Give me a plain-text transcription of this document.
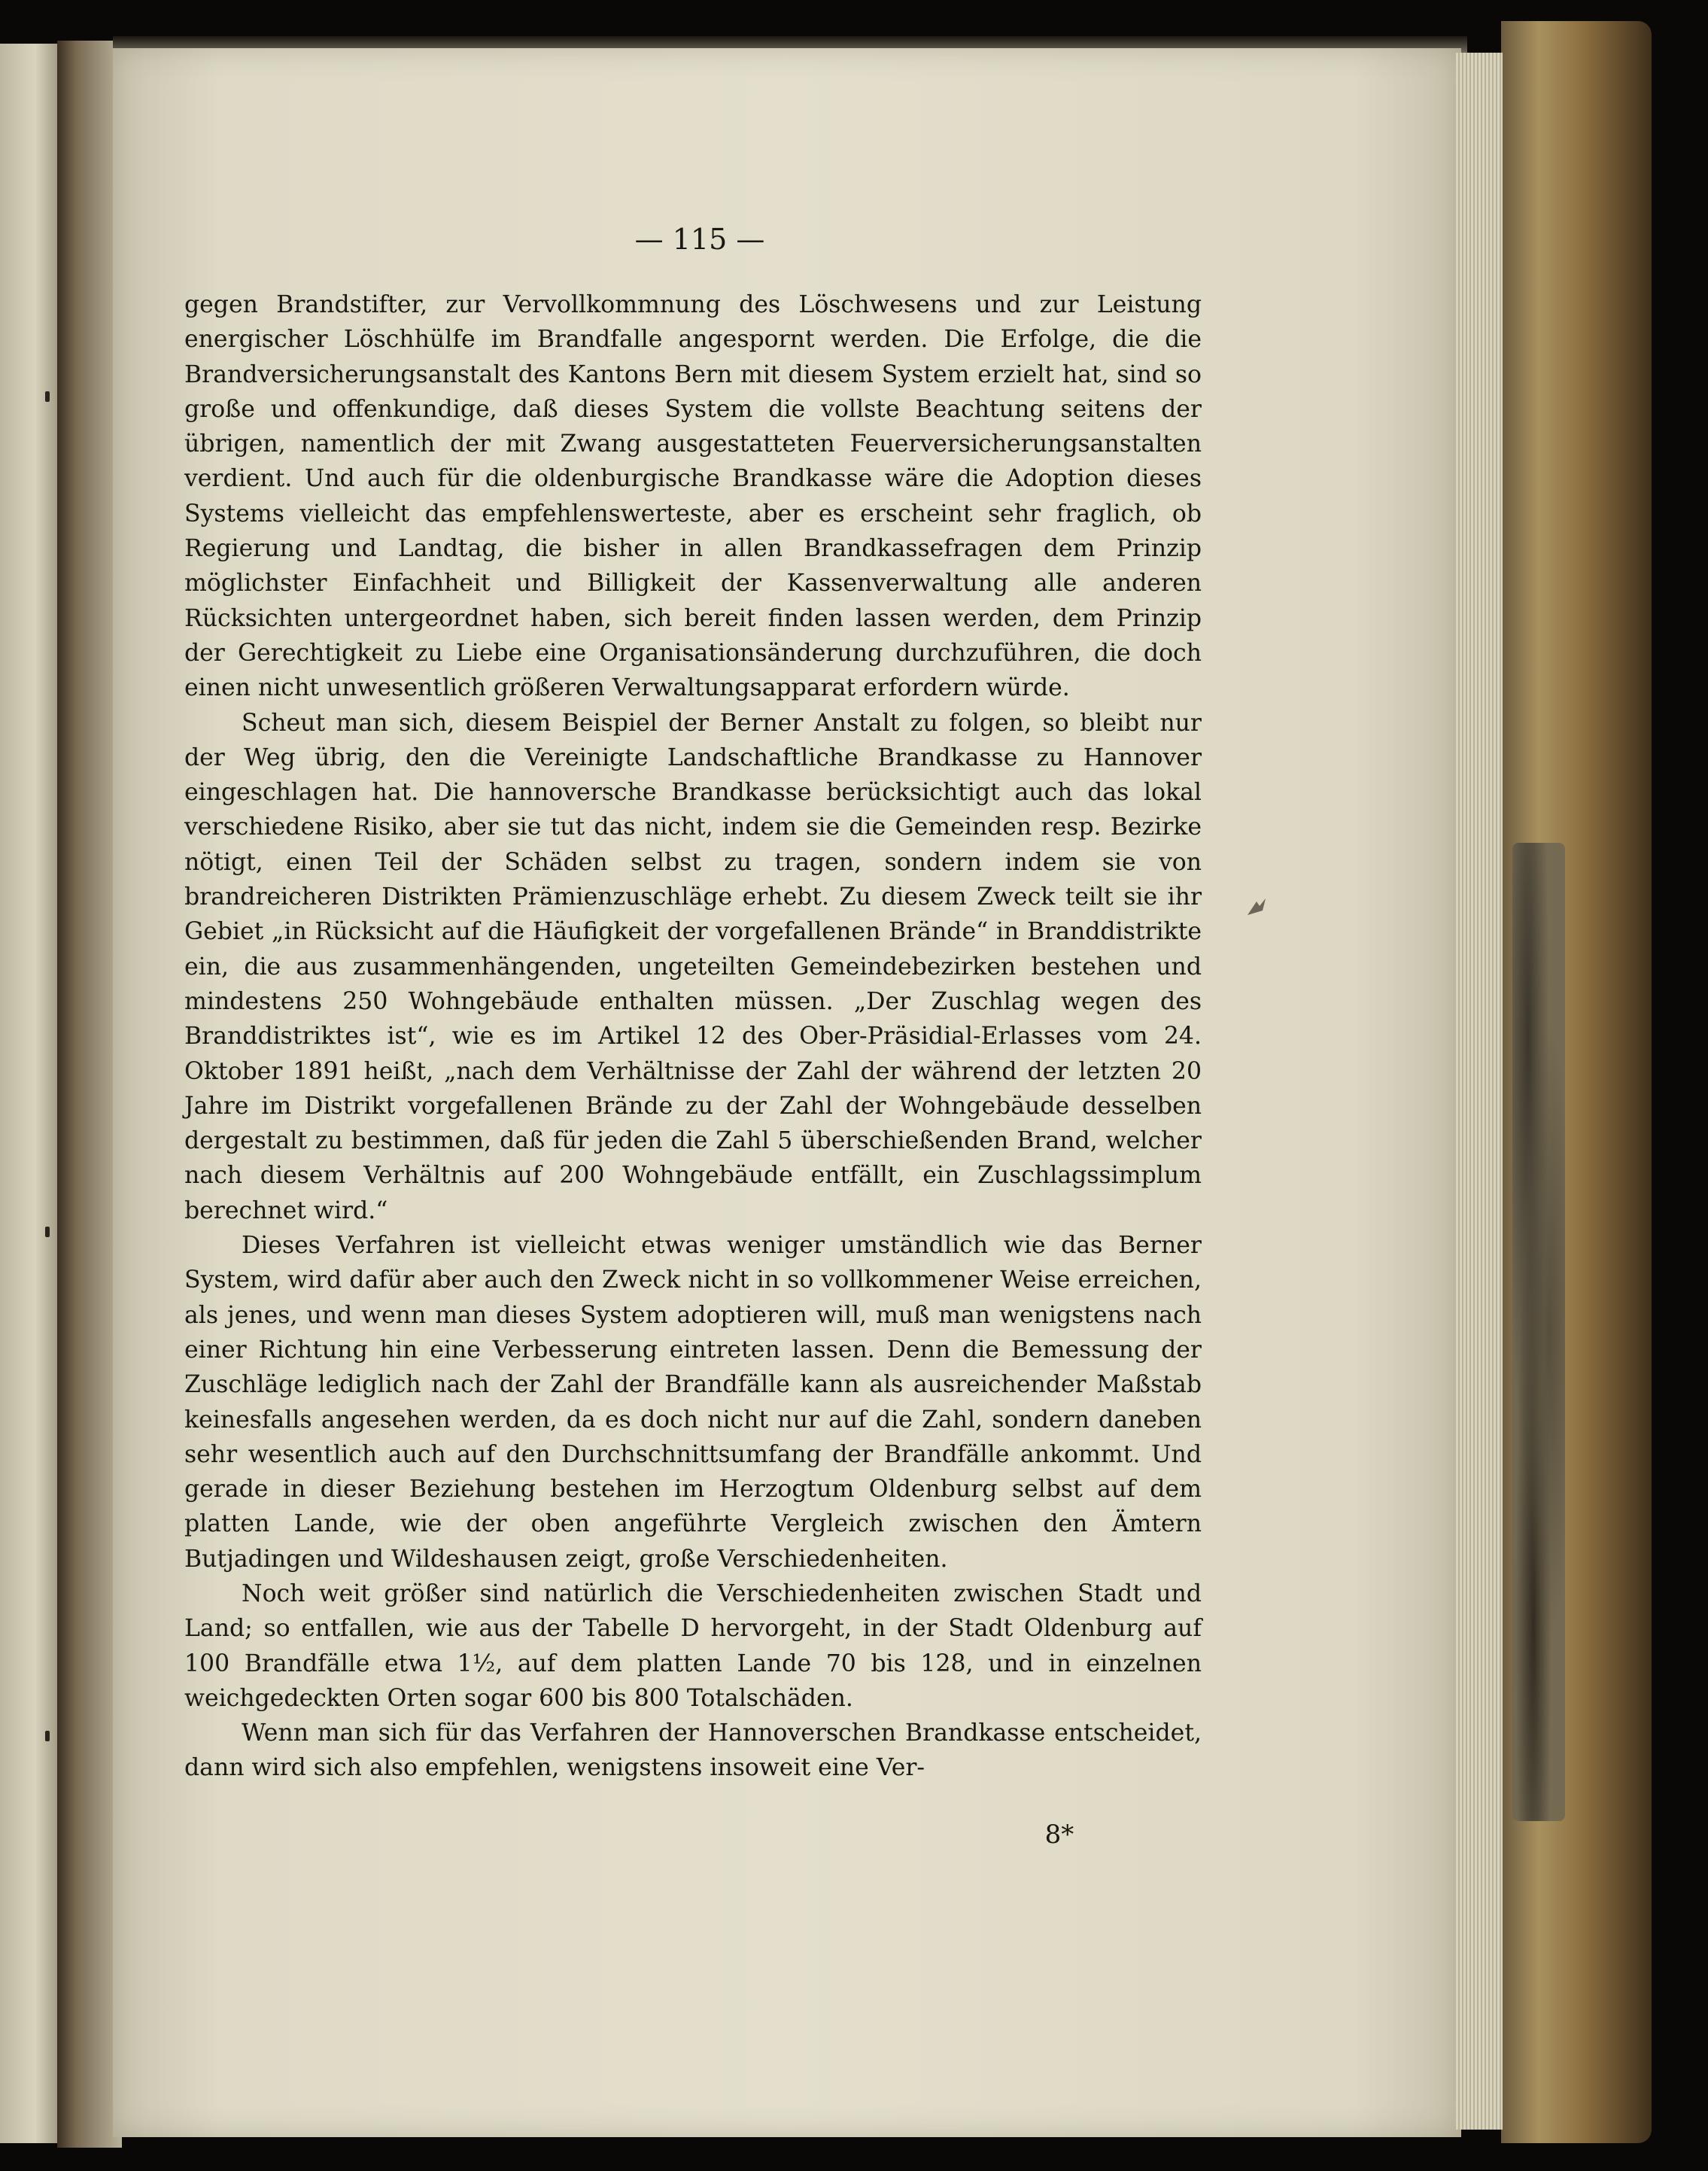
— 115 —

gegen Brandstifter, zur Vervollkommnung des Löschwesens und zur Leistung energischer Löschhülfe im Brandfalle angespornt werden. Die Erfolge, die die Brandversicherungsanstalt des Kantons Bern mit diesem System erzielt hat, sind so große und offenkundige, daß dieses System die vollste Beachtung seitens der übrigen, namentlich der mit Zwang ausgestatteten Feuerversicherungsanstalten verdient. Und auch für die oldenburgische Brandkasse wäre die Adoption dieses Systems vielleicht das empfehlenswerteste, aber es erscheint sehr fraglich, ob Regierung und Landtag, die bisher in allen Brandkassefragen dem Prinzip möglichster Einfachheit und Billigkeit der Kassenverwaltung alle anderen Rücksichten untergeordnet haben, sich bereit finden lassen werden, dem Prinzip der Gerechtigkeit zu Liebe eine Organisationsänderung durchzuführen, die doch einen nicht unwesentlich größeren Verwaltungsapparat erfordern würde.

Scheut man sich, diesem Beispiel der Berner Anstalt zu folgen, so bleibt nur der Weg übrig, den die Vereinigte Landschaftliche Brandkasse zu Hannover eingeschlagen hat. Die hannoversche Brandkasse berücksichtigt auch das lokal verschiedene Risiko, aber sie tut das nicht, indem sie die Gemeinden resp. Bezirke nötigt, einen Teil der Schäden selbst zu tragen, sondern indem sie von brandreicheren Distrikten Prämienzuschläge erhebt. Zu diesem Zweck teilt sie ihr Gebiet „in Rücksicht auf die Häufigkeit der vorgefallenen Brände“ in Branddistrikte ein, die aus zusammenhängenden, ungeteilten Gemeindebezirken bestehen und mindestens 250 Wohngebäude enthalten müssen. „Der Zuschlag wegen des Branddistriktes ist“, wie es im Artikel 12 des Ober-Präsidial-Erlasses vom 24. Oktober 1891 heißt, „nach dem Verhältnisse der Zahl der während der letzten 20 Jahre im Distrikt vorgefallenen Brände zu der Zahl der Wohngebäude desselben dergestalt zu bestimmen, daß für jeden die Zahl 5 überschießenden Brand, welcher nach diesem Verhältnis auf 200 Wohngebäude entfällt, ein Zuschlagssimplum berechnet wird.“

Dieses Verfahren ist vielleicht etwas weniger umständlich wie das Berner System, wird dafür aber auch den Zweck nicht in so vollkommener Weise erreichen, als jenes, und wenn man dieses System adoptieren will, muß man wenigstens nach einer Richtung hin eine Verbesserung eintreten lassen. Denn die Bemessung der Zuschläge lediglich nach der Zahl der Brandfälle kann als ausreichender Maßstab keinesfalls angesehen werden, da es doch nicht nur auf die Zahl, sondern daneben sehr wesentlich auch auf den Durchschnittsumfang der Brandfälle ankommt. Und gerade in dieser Beziehung bestehen im Herzogtum Oldenburg selbst auf dem platten Lande, wie der oben angeführte Vergleich zwischen den Ämtern Butjadingen und Wildeshausen zeigt, große Verschiedenheiten.

Noch weit größer sind natürlich die Verschiedenheiten zwischen Stadt und Land; so entfallen, wie aus der Tabelle D hervorgeht, in der Stadt Oldenburg auf 100 Brandfälle etwa 1½, auf dem platten Lande 70 bis 128, und in einzelnen weichgedeckten Orten sogar 600 bis 800 Totalschäden.

Wenn man sich für das Verfahren der Hannoverschen Brandkasse entscheidet, dann wird sich also empfehlen, wenigstens insoweit eine Ver-

8*
